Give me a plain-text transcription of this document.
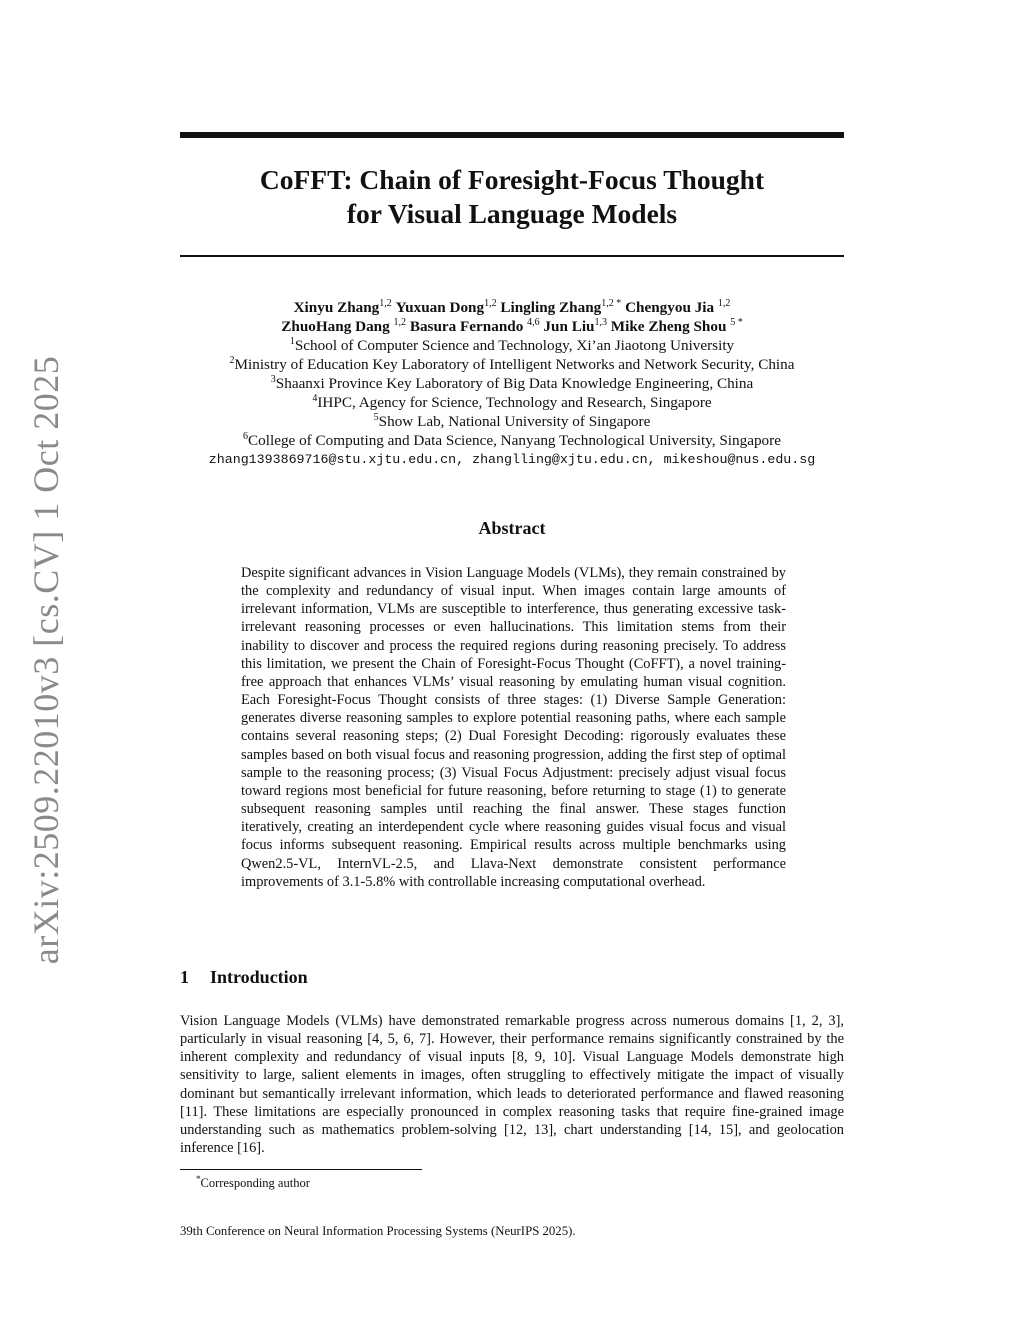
arXiv:2509.22010v3 [cs.CV] 1 Oct 2025
CoFFT: Chain of Foresight-Focus Thought
for Visual Language Models
Xinyu Zhang$^{1,2}$ Yuxuan Dong$^{1,2}$ Lingling Zhang$^{1,2 *}$ Chengyou Jia $^{1,2}$
ZhuoHang Dang $^{1,2}$ Basura Fernando $^{4,6}$ Jun Liu$^{1,3}$ Mike Zheng Shou $^{5 *}$
$^1$School of Computer Science and Technology, Xi’an Jiaotong University
$^2$Ministry of Education Key Laboratory of Intelligent Networks and Network Security, China
$^3$Shaanxi Province Key Laboratory of Big Data Knowledge Engineering, China
$^4$IHPC, Agency for Science, Technology and Research, Singapore
$^5$Show Lab, National University of Singapore
$^6$College of Computing and Data Science, Nanyang Technological University, Singapore
zhang1393869716@stu.xjtu.edu.cn, zhanglling@xjtu.edu.cn, mikeshou@nus.edu.sg
Abstract
Despite significant advances in Vision Language Models (VLMs), they remain constrained by the complexity and redundancy of visual input. When images contain large amounts of irrelevant information, VLMs are susceptible to interference, thus generating excessive task-irrelevant reasoning processes or even hallucinations. This limitation stems from their inability to discover and process the required regions during reasoning precisely. To address this limitation, we present the Chain of Foresight-Focus Thought (CoFFT), a novel training-free approach that enhances VLMs’ visual reasoning by emulating human visual cognition. Each Foresight-Focus Thought consists of three stages: (1) Diverse Sample Generation: generates diverse reasoning samples to explore potential reasoning paths, where each sample contains several reasoning steps; (2) Dual Foresight Decoding: rigorously evaluates these samples based on both visual focus and reasoning progression, adding the first step of optimal sample to the reasoning process; (3) Visual Focus Adjustment: precisely adjust visual focus toward regions most beneficial for future reasoning, before returning to stage (1) to generate subsequent reasoning samples until reaching the final answer. These stages function iteratively, creating an interdependent cycle where reasoning guides visual focus and visual focus informs subsequent reasoning. Empirical results across multiple benchmarks using Qwen2.5-VL, InternVL-2.5, and Llava-Next demonstrate consistent performance improvements of 3.1-5.8% with controllable increasing computational overhead.
1 Introduction
Vision Language Models (VLMs) have demonstrated remarkable progress across numerous domains [1, 2, 3], particularly in visual reasoning [4, 5, 6, 7]. However, their performance remains significantly constrained by the inherent complexity and redundancy of visual inputs [8, 9, 10]. Visual Language Models demonstrate high sensitivity to large, salient elements in images, often struggling to effectively mitigate the impact of visually dominant but semantically irrelevant information, which leads to deteriorated performance and flawed reasoning [11]. These limitations are especially pronounced in complex reasoning tasks that require fine-grained image understanding such as mathematics problem-solving [12, 13], chart understanding [14, 15], and geolocation inference [16].
*Corresponding author
39th Conference on Neural Information Processing Systems (NeurIPS 2025).
